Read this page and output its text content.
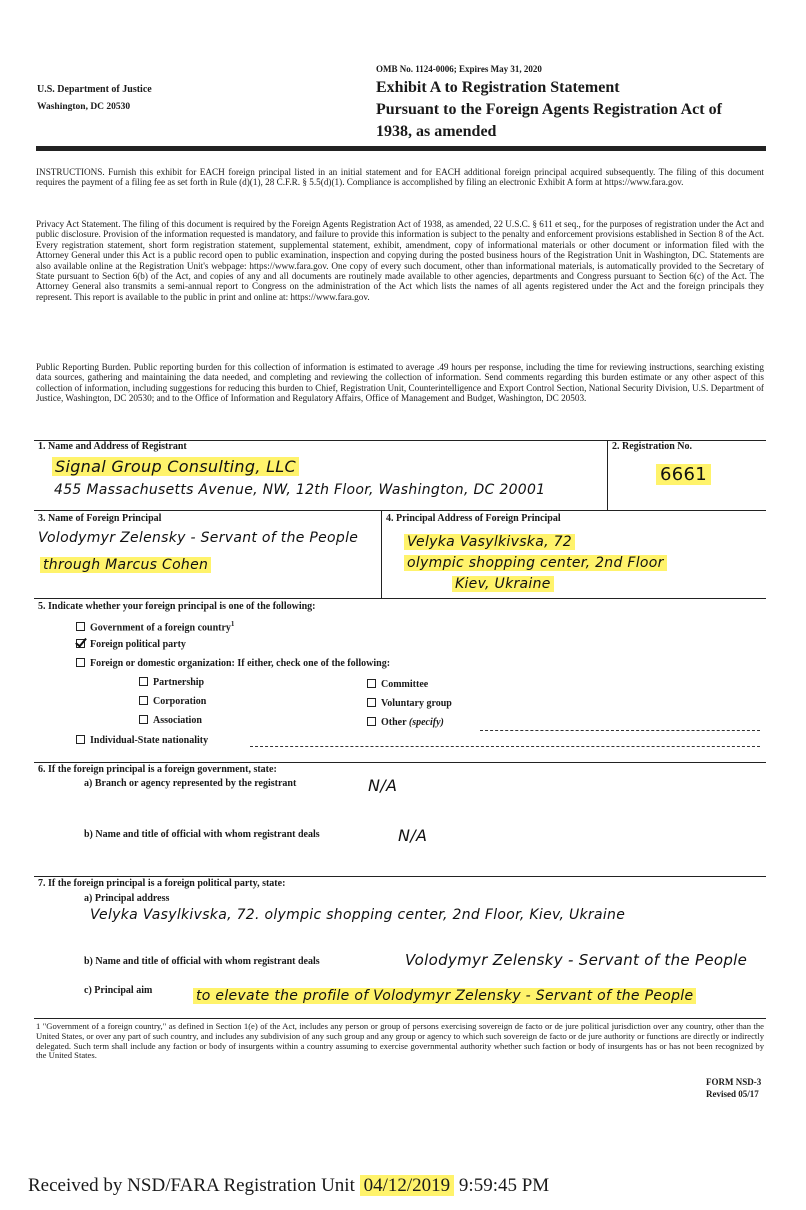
U.S. Department of Justice
Washington, DC 20530
OMB No. 1124-0006; Expires May 31, 2020
Exhibit A to Registration Statement
Pursuant to the Foreign Agents Registration Act of
1938, as amended
INSTRUCTIONS. Furnish this exhibit for EACH foreign principal listed in an initial statement and for EACH additional foreign principal acquired subsequently. The filing of this document requires the payment of a filing fee as set forth in Rule (d)(1), 28 C.F.R. § 5.5(d)(1). Compliance is accomplished by filing an electronic Exhibit A form at https://www.fara.gov.
Privacy Act Statement. The filing of this document is required by the Foreign Agents Registration Act of 1938, as amended, 22 U.S.C. § 611 et seq., for the purposes of registration under the Act and public disclosure. Provision of the information requested is mandatory, and failure to provide this information is subject to the penalty and enforcement provisions established in Section 8 of the Act. Every registration statement, short form registration statement, supplemental statement, exhibit, amendment, copy of informational materials or other document or information filed with the Attorney General under this Act is a public record open to public examination, inspection and copying during the posted business hours of the Registration Unit in Washington, DC. Statements are also available online at the Registration Unit's webpage: https://www.fara.gov. One copy of every such document, other than informational materials, is automatically provided to the Secretary of State pursuant to Section 6(b) of the Act, and copies of any and all documents are routinely made available to other agencies, departments and Congress pursuant to Section 6(c) of the Act. The Attorney General also transmits a semi-annual report to Congress on the administration of the Act which lists the names of all agents registered under the Act and the foreign principals they represent. This report is available to the public in print and online at: https://www.fara.gov.
Public Reporting Burden. Public reporting burden for this collection of information is estimated to average .49 hours per response, including the time for reviewing instructions, searching existing data sources, gathering and maintaining the data needed, and completing and reviewing the collection of information. Send comments regarding this burden estimate or any other aspect of this collection of information, including suggestions for reducing this burden to Chief, Registration Unit, Counterintelligence and Export Control Section, National Security Division, U.S. Department of Justice, Washington, DC 20530; and to the Office of Information and Regulatory Affairs, Office of Management and Budget, Washington, DC 20503.
1. Name and Address of Registrant	2. Registration No.
Signal Group Consulting, LLC
455 Massachusetts Avenue, NW, 12th Floor, Washington, DC 20001
6661
3. Name of Foreign Principal	4. Principal Address of Foreign Principal
Volodymyr Zelensky - Servant of the People
through Marcus Cohen
Velyka Vasylkivska, 72
olympic shopping center, 2nd Floor
Kiev, Ukraine
5. Indicate whether your foreign principal is one of the following:
Government of a foreign country$^1$
Foreign political party
Foreign or domestic organization: If either, check one of the following:
Partnership
Corporation
Association
Committee
Voluntary group
Other (specify)
Individual-State nationality
6. If the foreign principal is a foreign government, state:
a) Branch or agency represented by the registrant	N/A
b) Name and title of official with whom registrant deals	N/A
7. If the foreign principal is a foreign political party, state:
a) Principal address
Velyka Vasylkivska, 72. olympic shopping center, 2nd Floor, Kiev, Ukraine
b) Name and title of official with whom registrant deals	Volodymyr Zelensky - Servant of the People
c) Principal aim	to elevate the profile of Volodymyr Zelensky - Servant of the People
1 "Government of a foreign country," as defined in Section 1(e) of the Act, includes any person or group of persons exercising sovereign de facto or de jure political jurisdiction over any country, other than the United States, or over any part of such country, and includes any subdivision of any such group and any group or agency to which such sovereign de facto or de jure authority or functions are directly or indirectly delegated. Such term shall include any faction or body of insurgents within a country assuming to exercise governmental authority whether such faction or body of insurgents has or has not been recognized by the United States.
FORM NSD-3
Revised 05/17
Received by NSD/FARA Registration Unit 04/12/2019 9:59:45 PM
